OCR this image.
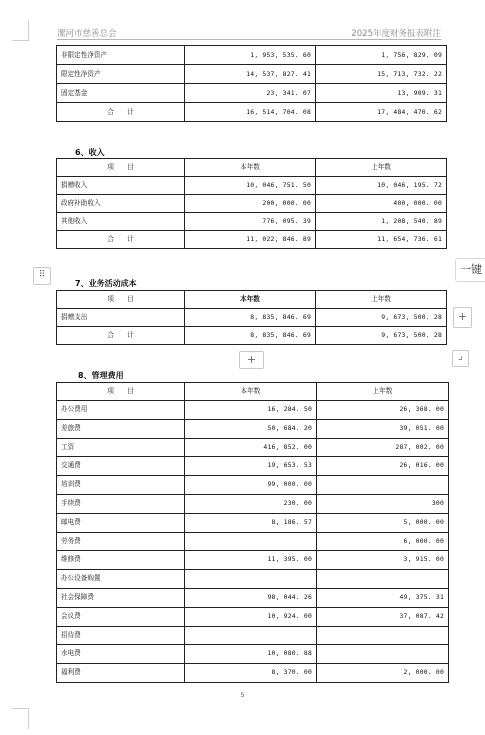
漯河市慈善总会	2025年度财务报表附注
非限定性净资产	1, 953, 535. 60	1, 756, 829. 09
限定性净资产	14, 537, 827. 41	15, 713, 732. 22
固定基金	23, 341. 07	13, 909. 31
合　　计	16, 514, 704. 08	17, 484, 470. 62
6、收入
项　　目	本年数	上年数
捐赠收入	10, 046, 751. 50	10, 046, 195. 72
政府补助收入	200, 000. 00	400, 000. 00
其他收入	776, 095. 39	1, 208, 540. 89
合　　计	11, 022, 846. 89	11, 654, 736. 61
⠿	一键
7、业务活动成本
项　　目	本年数	上年数
捐赠支出	8, 835, 846. 69	9, 673, 500. 28
合　　计	8, 835, 846. 69	9, 673, 500. 28
+
⌟
+
8、管理费用
项　　目	本年数	上年数
办公费用	16, 284. 50	26, 368. 00
差旅费	50, 684. 20	39, 051. 00
工资	416, 852. 00	287, 002. 00
交通费	19, 653. 53	26, 016. 00
培训费	99, 000. 00	
手续费	230. 00	300
邮电费	8, 186. 57	5, 000. 00
劳务费		6, 000. 00
维修费	11, 395. 00	3, 915. 00
办公设备购置		
社会保障费	98, 044. 26	49, 375. 31
会议费	10, 924. 00	37, 087. 42
招待费		
水电费	10, 080. 88	
福利费	8, 370. 00	2, 000. 00
5
